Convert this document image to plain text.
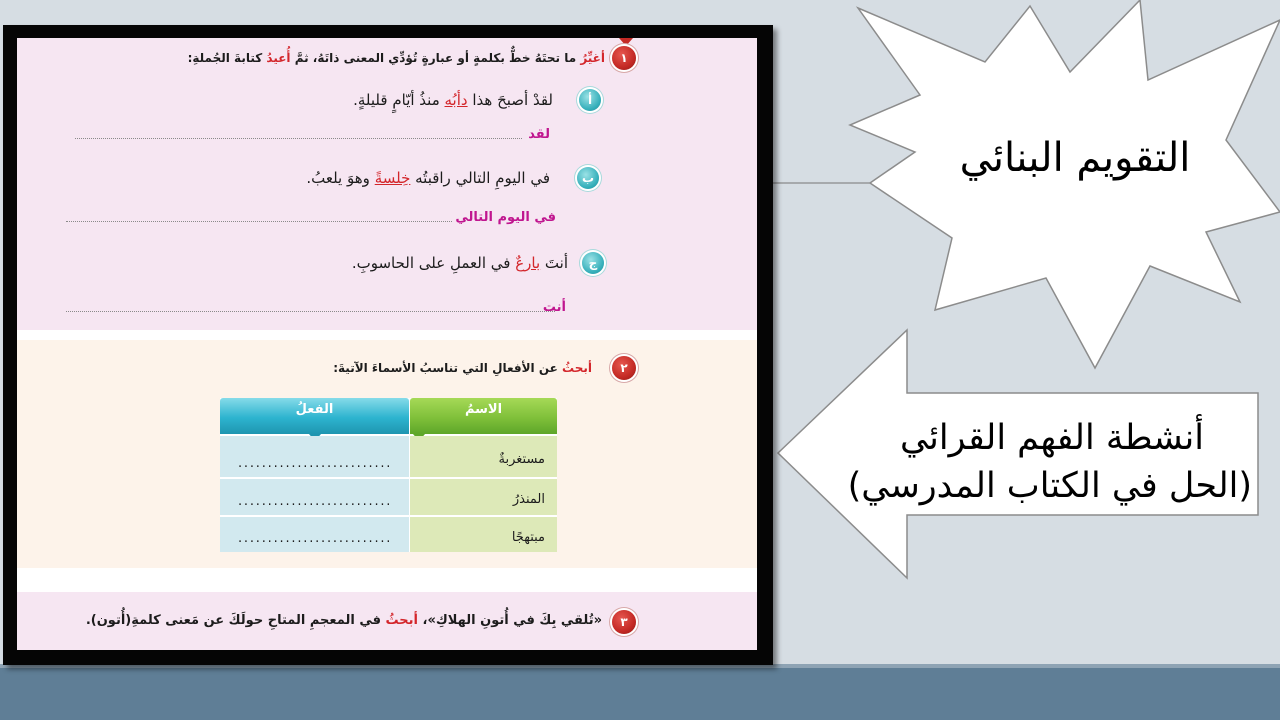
التقويم البنائي
أنشطة الفهم القرائي
(الحل في الكتاب المدرسي)
١
أغيِّرُ ما تحتَهُ خطٌّ بكلمةٍ أو عبارةٍ تُؤدِّي المعنى ذاتَهُ، ثمَّ أُعيدُ كتابةَ الجُملةِ:
أ
لقدْ أصبحَ هذا دأبُه منذُ أيّامٍ قليلةٍ.
لقد
ب
في اليومِ التالي راقبتُه خِلسةً وهوَ يلعبُ.
في اليوم التالي
ج
أنتَ بارعٌ في العملِ على الحاسوبِ.
أنت
٢
أبحثُ عن الأفعالِ التي تناسبُ الأسماءَ الآتيةَ:
الفعلُ	الاسمُ
مستغربةٌ
..........................
المنذرُ
..........................
مبتهجًا
..........................
٣
«تُلقي بِكَ في أُتونِ الهلاكِ»، أبحثُ في المعجمِ المتاحِ حولَكَ عن مَعنى كلمةِ(أُتون).
